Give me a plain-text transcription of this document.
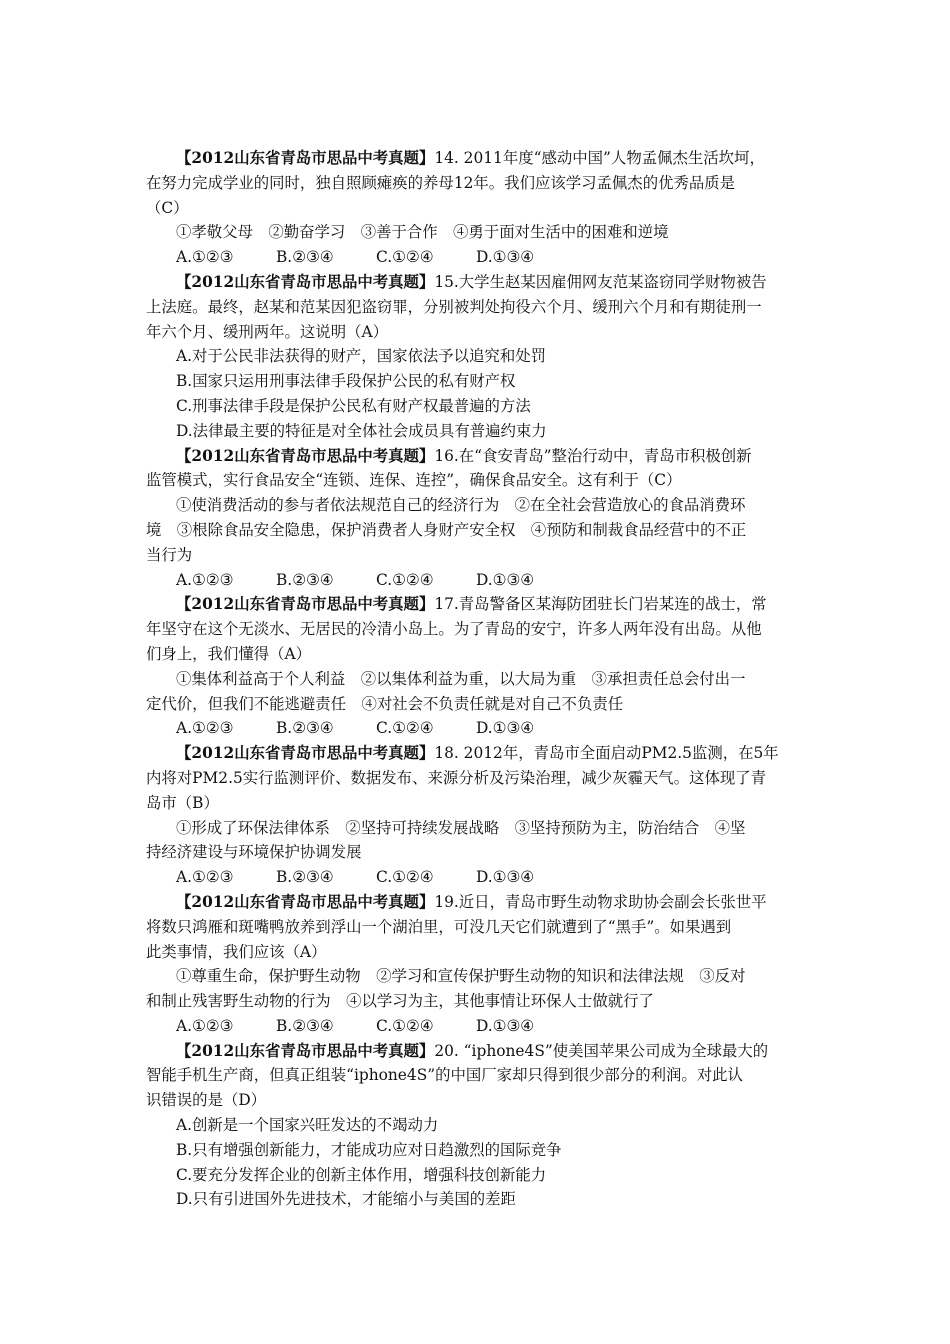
【2012山东省青岛市思品中考真题】14. 2011年度“感动中国”人物孟佩杰生活坎坷，
在努力完成学业的同时，独自照顾瘫痪的养母12年。我们应该学习孟佩杰的优秀品质是
（C）
①孝敬父母　②勤奋学习　③善于合作　④勇于面对生活中的困难和逆境
A.①②③	B.②③④	C.①②④	D.①③④
【2012山东省青岛市思品中考真题】15.大学生赵某因雇佣网友范某盗窃同学财物被告
上法庭。最终，赵某和范某因犯盗窃罪，分别被判处拘役六个月、缓刑六个月和有期徒刑一
年六个月、缓刑两年。这说明（A）
A.对于公民非法获得的财产，国家依法予以追究和处罚
B.国家只运用刑事法律手段保护公民的私有财产权
C.刑事法律手段是保护公民私有财产权最普遍的方法
D.法律最主要的特征是对全体社会成员具有普遍约束力
【2012山东省青岛市思品中考真题】16.在“食安青岛”整治行动中，青岛市积极创新
监管模式，实行食品安全“连锁、连保、连控”，确保食品安全。这有利于（C）
①使消费活动的参与者依法规范自己的经济行为　②在全社会营造放心的食品消费环
境　③根除食品安全隐患，保护消费者人身财产安全权　④预防和制裁食品经营中的不正
当行为
A.①②③	B.②③④	C.①②④	D.①③④
【2012山东省青岛市思品中考真题】17.青岛警备区某海防团驻长门岩某连的战士，常
年坚守在这个无淡水、无居民的冷清小岛上。为了青岛的安宁，许多人两年没有出岛。从他
们身上，我们懂得（A）
①集体利益高于个人利益　②以集体利益为重，以大局为重　③承担责任总会付出一
定代价，但我们不能逃避责任　④对社会不负责任就是对自己不负责任
A.①②③	B.②③④	C.①②④	D.①③④
【2012山东省青岛市思品中考真题】18. 2012年，青岛市全面启动PM2.5监测，在5年
内将对PM2.5实行监测评价、数据发布、来源分析及污染治理，减少灰霾天气。这体现了青
岛市（B）
①形成了环保法律体系　②坚持可持续发展战略　③坚持预防为主，防治结合　④坚
持经济建设与环境保护协调发展
A.①②③	B.②③④	C.①②④	D.①③④
【2012山东省青岛市思品中考真题】19.近日，青岛市野生动物求助协会副会长张世平
将数只鸿雁和斑嘴鸭放养到浮山一个湖泊里，可没几天它们就遭到了“黑手”。如果遇到
此类事情，我们应该（A）
①尊重生命，保护野生动物　②学习和宣传保护野生动物的知识和法律法规　③反对
和制止残害野生动物的行为　④以学习为主，其他事情让环保人士做就行了
A.①②③	B.②③④	C.①②④	D.①③④
【2012山东省青岛市思品中考真题】20. “iphone4S”使美国苹果公司成为全球最大的
智能手机生产商，但真正组装“iphone4S”的中国厂家却只得到很少部分的利润。对此认
识错误的是（D）
A.创新是一个国家兴旺发达的不竭动力
B.只有增强创新能力，才能成功应对日趋激烈的国际竞争
C.要充分发挥企业的创新主体作用，增强科技创新能力
D.只有引进国外先进技术，才能缩小与美国的差距
